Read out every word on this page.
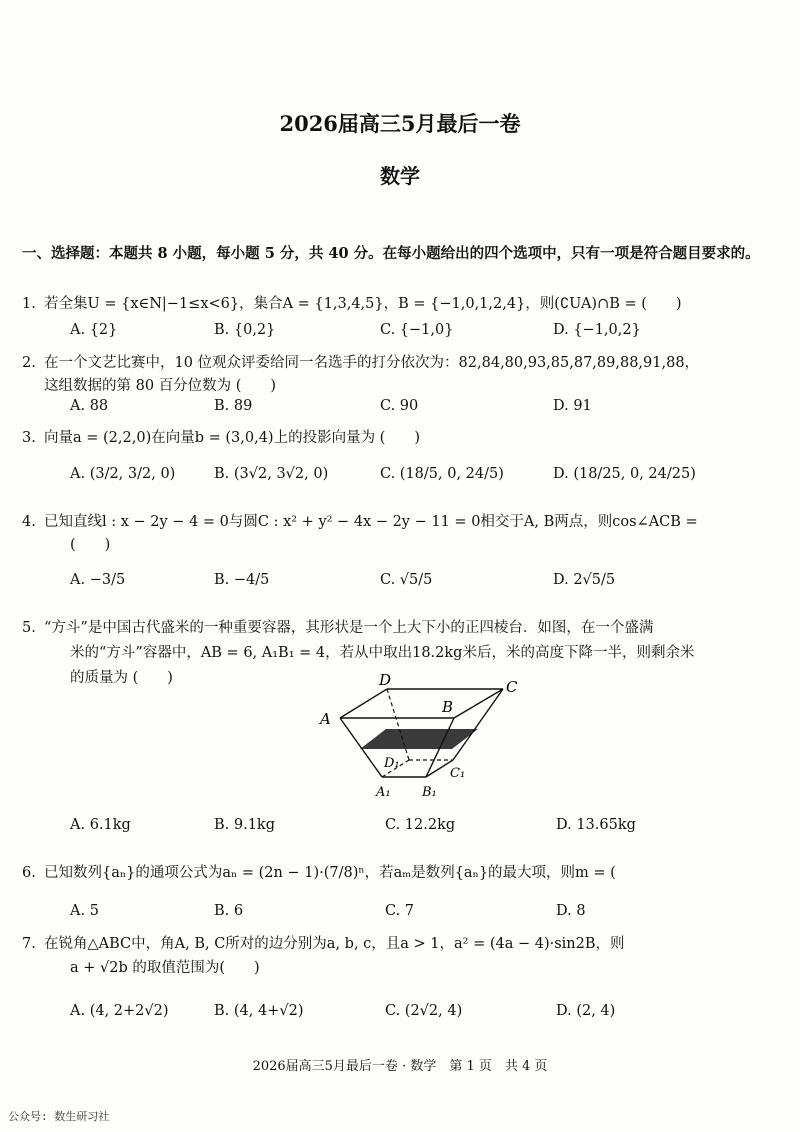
2026届高三5月最后一卷
数学
一、选择题：本题共 8 小题，每小题 5 分，共 40 分。在每小题给出的四个选项中，只有一项是符合题目要求的。
1. 若全集U = {x∈N|−1≤x<6}，集合A = {1,3,4,5}，B = {−1,0,1,2,4}，则(∁UA)∩B = (　　)
A. {2}	B. {0,2}	C. {−1,0}	D. {−1,0,2}
2. 在一个文艺比赛中，10 位观众评委给同一名选手的打分依次为：82,84,80,93,85,87,89,88,91,88，
这组数据的第 80 百分位数为 (　　)
A. 88	B. 89	C. 90	D. 91
3. 向量a = (2,2,0)在向量b = (3,0,4)上的投影向量为 (　　)
A. (3/2, 3/2, 0)	B. (3√2, 3√2, 0)	C. (18/5, 0, 24/5)	D. (18/25, 0, 24/25)
4. 已知直线l : x − 2y − 4 = 0与圆C : x² + y² − 4x − 2y − 11 = 0相交于A, B两点，则cos∠ACB =
(　　)
A. −3/5	B. −4/5	C. √5/5	D. 2√5/5
5. “方斗”是中国古代盛米的一种重要容器，其形状是一个上大下小的正四棱台．如图，在一个盛满
米的“方斗”容器中，AB = 6, A₁B₁ = 4，若从中取出18.2kg米后，米的高度下降一半，则剩余米
的质量为 (　　)	D	C
A
B
D₁
C₁
A₁ B₁
A. 6.1kg	B. 9.1kg	C. 12.2kg	D. 13.65kg
6. 已知数列{aₙ}的通项公式为aₙ = (2n − 1)·(7/8)ⁿ，若aₘ是数列{aₙ}的最大项，则m = (
A. 5	B. 6	C. 7	D. 8
7. 在锐角△ABC中，角A, B, C所对的边分别为a, b, c，且a > 1，a² = (4a − 4)·sin2B，则
a + √2b 的取值范围为(　　)
A. (4, 2+2√2)	B. (4, 4+√2)	C. (2√2, 4)	D. (2, 4)
2026届高三5月最后一卷 · 数学　第 1 页　共 4 页
公众号: 数生研习社
